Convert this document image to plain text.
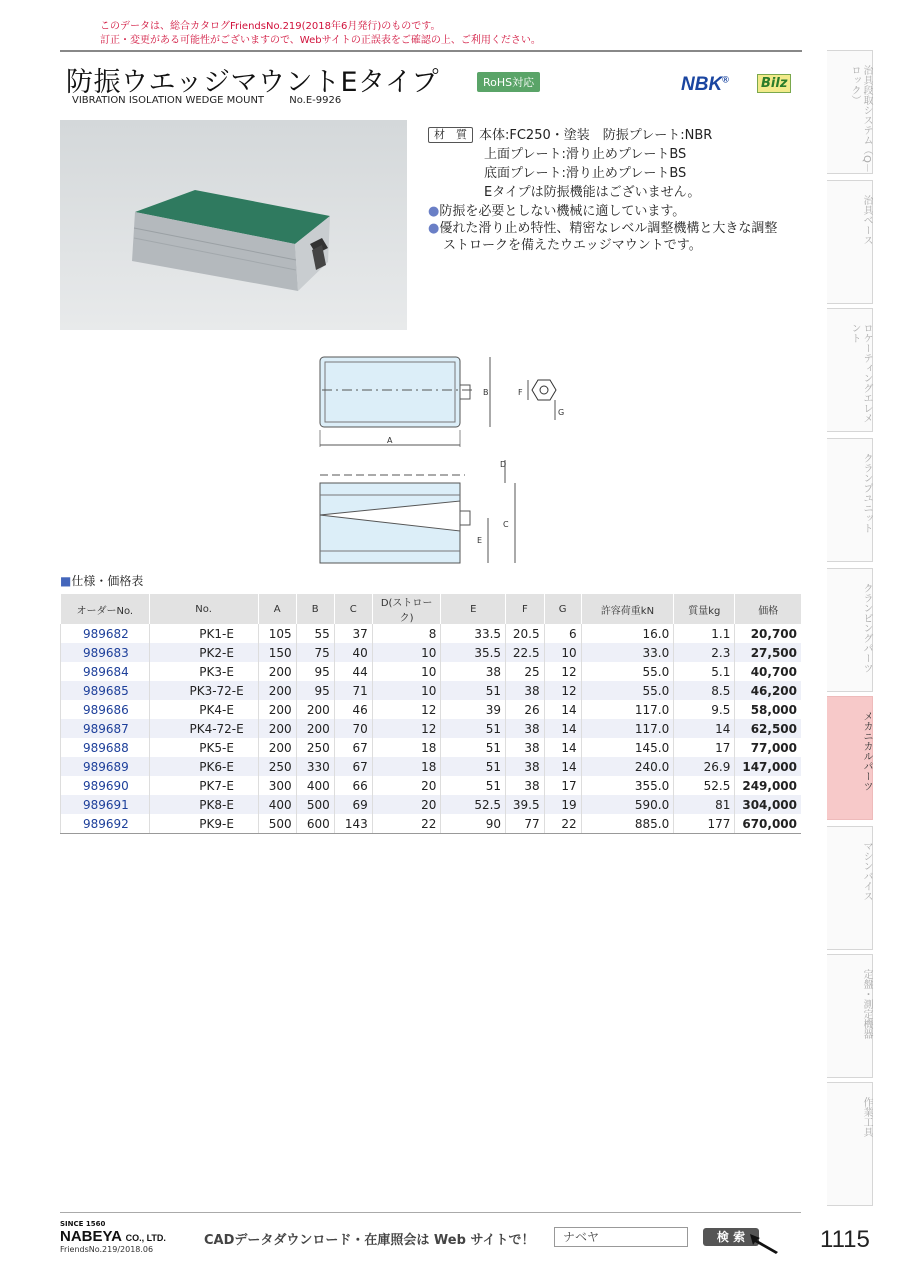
このデータは、総合カタログFriendsNo.219(2018年6月発行)のものです。
訂正・変更がある可能性がございますので、Webサイトの正誤表をご確認の上、ご利用ください。
防振ウエッジマウントEタイプ	RoHS対応
VIBRATION ISOLATION WEDGE MOUNT	No.E-9926
NBK®	Bilz
材　質 本体:FC250・塗装　防振プレート:NBR
上面プレート:滑り止めプレートBS
底面プレート:滑り止めプレートBS
Eタイプは防振機能はございません。
●防振を必要としない機械に適しています。
●優れた滑り止め特性、精密なレベル調整機構と大きな調整
ストロークを備えたウエッジマウントです。
A
B	F
G
D
C
E
■仕様・価格表
オーダーNo.	No.	A	B	C	D(ストローク)	E	F	G	許容荷重kN	質量kg	価格
989682	PK1-E	105	55	37	8	33.5	20.5	6	16.0	1.1	20,700
989683	PK2-E	150	75	40	10	35.5	22.5	10	33.0	2.3	27,500
989684	PK3-E	200	95	44	10	38	25	12	55.0	5.1	40,700
989685	PK3-72-E	200	95	71	10	51	38	12	55.0	8.5	46,200
989686	PK4-E	200	200	46	12	39	26	14	117.0	9.5	58,000
989687	PK4-72-E	200	200	70	12	51	38	14	117.0	14	62,500
989688	PK5-E	200	250	67	18	51	38	14	145.0	17	77,000
989689	PK6-E	250	330	67	18	51	38	14	240.0	26.9	147,000
989690	PK7-E	300	400	66	20	51	38	17	355.0	52.5	249,000
989691	PK8-E	400	500	69	20	52.5	39.5	19	590.0	81	304,000
989692	PK9-E	500	600	143	22	90	77	22	885.0	177	670,000
治具段取システム（Q－ロック）
治具ベース
ロケーティングエレメント
クランプユニット
クランピングパーツ
メカニカルパーツ
マシンバイス
定盤・測定機器
作業工具
SINCE 1560
NABEYA CO., LTD.
FriendsNo.219/2018.06
CADデータダウンロード・在庫照会は Web サイトで！	ナベヤ	検 索	1115
